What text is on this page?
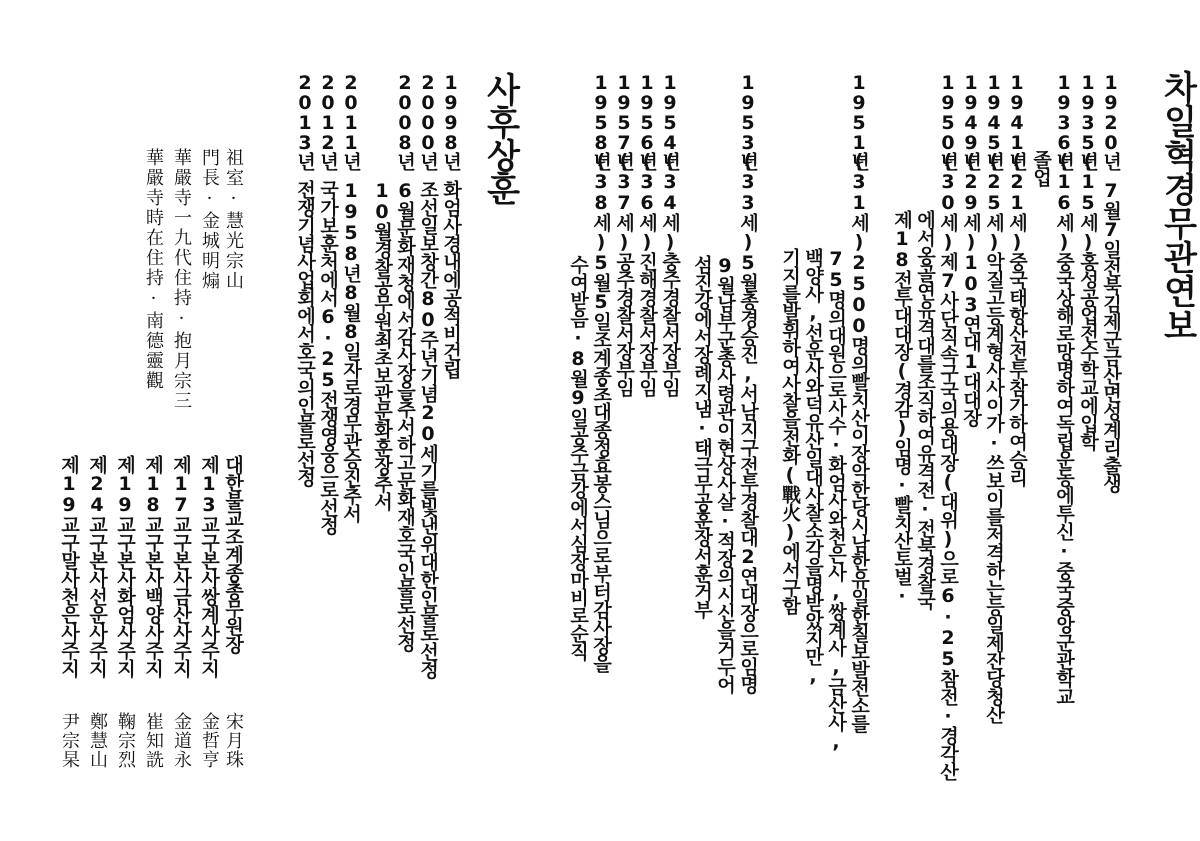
차일혁경무관연보
1920년
7월7일전북김제군금산면성계리출생
1935년
(15세)홍성공업전수학교에입학
1936년
(16세)중국상해로망명하여독립운동에투신·중국중앙군관학교
졸업
1941년
(21세)중국태항산전투참가하여승리
1945년
(25세)악질고등계형사사이가·쓰보이를저격하는등일제잔당청산
1949년
(29세)103연대1대대장
1950년
(30세)제7사단직속구국의용대장(대위)으로6·25참전·경각산
에서옹골연유격대를조직하여유격전·전북경찰국
제18전투대대장(경감)임명·빨치산토벌·
1951년
(31세)2500명의빨치산이장악한당시남한유일한칠보발전소를
75명의대원으로사수·화엄사와천은사,쌍계사,금산사,
백양사,선운사와덕유산일대사찰소각을명받았지만,
기지를발휘하여사찰을전화(戰火)에서구함
1953년
(33세)5월총경승진,서남지구전투경찰대2연대장으로임명
9월남부군총사령관이현상사살·적장의시신을거두어
섬진강에서장례지냄·태극무공훈장서훈거부
1954년
(34세)충주경찰서장부임
1956년
(36세)진해경찰서장부임
1957년
(37세)공주경찰서장부임
1958년
(38세)5월5일조계종초대종정효봉스님으로부터감사장을
수여받음·8월9일공주금강에서심장마비로순직
사후상훈
1998년
화엄사경내에공적비건립
2000년
조선일보창간80주년기념20세기를빛낸위대한인물로선정
2008년
6월문화재청에서감사장을추서하고문화재호국인물로선정
10월경찰공무원최초보관문화훈장추서
2011년
1958년8월8일자로경무관승진추서
2012년
국가보훈처에서6·25전쟁영웅으로선정
2013년
전쟁기념사업회에서호국의인물로선정
祖室·慧光宗山
門長·金城明煽
華嚴寺一九代住持·抱月宗三
華嚴寺時在住持·南德靈觀
대한불교조계종총무원장
宋月珠
제13교구본사쌍계사주지
金哲亨
제17교구본사금산사주지
金道永
제18교구본사백양사주지
崔知詵
제19교구본사화엄사주지
鞠宗烈
제24교구본사선운사주지
鄭慧山
제19교구말사천은사주지
尹宗杲
